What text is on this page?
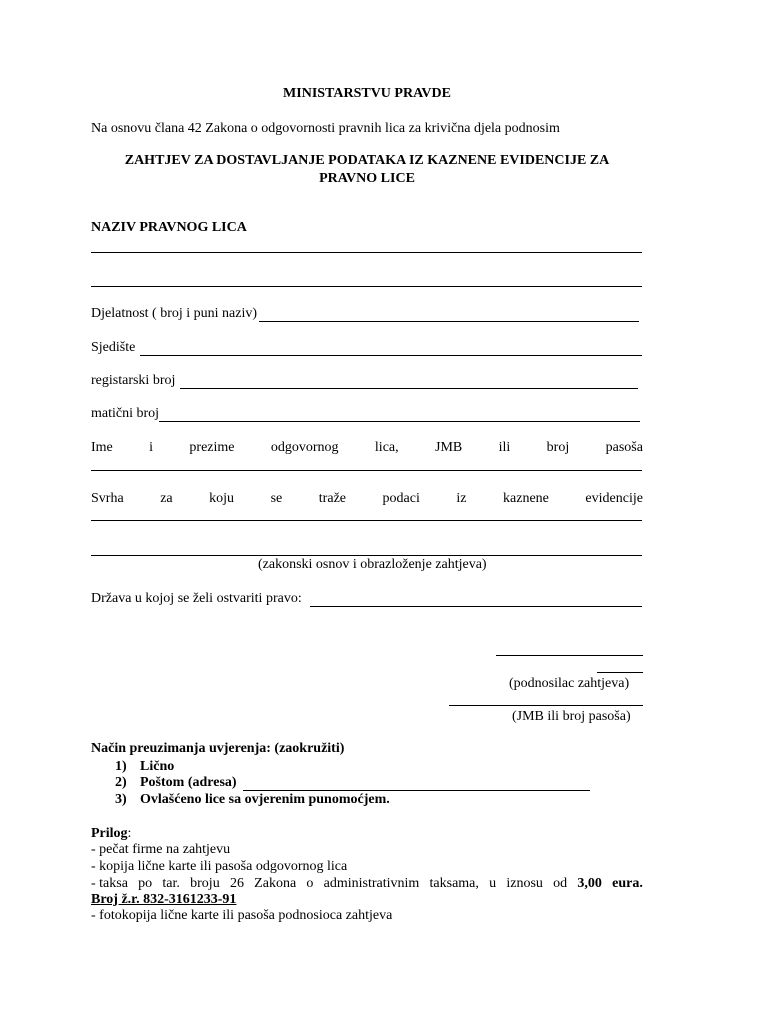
MINISTARSTVU PRAVDE
Na osnovu člana 42 Zakona o odgovornosti pravnih lica za krivična djela podnosim
ZAHTJEV ZA DOSTAVLJANJE PODATAKA IZ KAZNENE EVIDENCIJE ZA
PRAVNO LICE
NAZIV PRAVNOG LICA
Djelatnost ( broj i puni naziv)
Sjedište
registarski broj
matični broj
Ime	i	prezime	odgovornog	lica,	JMB	ili	broj	pasoša
Svrha	za	koju	se	traže	podaci	iz	kaznene	evidencije
(zakonski osnov i obrazloženje zahtjeva)
Država u kojoj se želi ostvariti pravo:
(podnosilac zahtjeva)
(JMB ili broj pasoša)
Način preuzimanja uvjerenja: (zaokružiti)
1) Lično
2) Poštom (adresa)
3) Ovlašćeno lice sa ovjerenim punomoćjem.
Prilog:
- pečat firme na zahtjevu
- kopija lične karte ili pasoša odgovornog lica
- taksa po tar. broju 26 Zakona o administrativnim taksama, u iznosu od 3,00 eura.
Broj ž.r. 832-3161233-91
- fotokopija lične karte ili pasoša podnosioca zahtjeva
